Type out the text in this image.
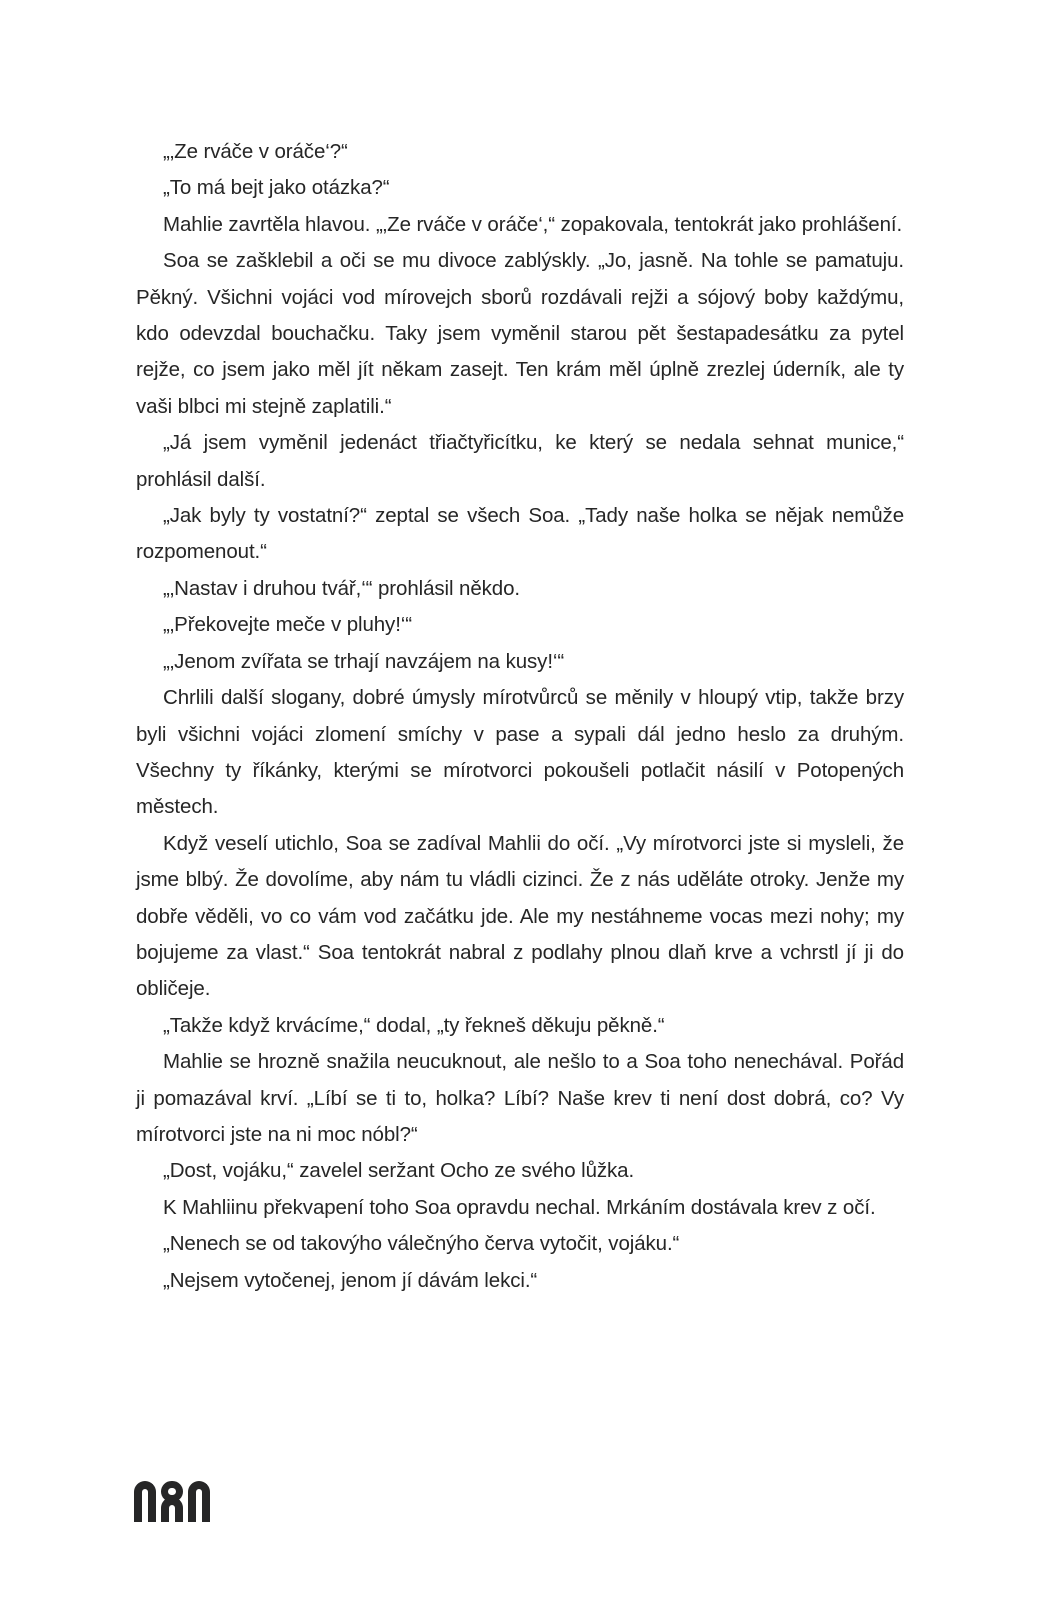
„‚Ze rváče v oráče‘?“

„To má bejt jako otázka?“

Mahlie zavrtěla hlavou. „‚Ze rváče v oráče‘,“ zopakovala, tentokrát jako prohlášení.

Soa se zašklebil a oči se mu divoce zablýskly. „Jo, jasně. Na tohle se pamatuju. Pěkný. Všichni vojáci vod mírovejch sborů rozdávali rejži a sójový boby každýmu, kdo odevzdal bouchačku. Taky jsem vyměnil starou pět šestapadesátku za pytel rejže, co jsem jako měl jít někam zasejt. Ten krám měl úplně zrezlej úderník, ale ty vaši blbci mi stejně zaplatili.“

„Já jsem vyměnil jedenáct třiačtyřicítku, ke který se nedala sehnat munice,“ prohlásil další.

„Jak byly ty vostatní?“ zeptal se všech Soa. „Tady naše holka se nějak nemůže rozpomenout.“

„‚Nastav i druhou tvář,‘“ prohlásil někdo.

„‚Překovejte meče v pluhy!‘“

„‚Jenom zvířata se trhají navzájem na kusy!‘“

Chrlili další slogany, dobré úmysly mírotvůrců se měnily v hloupý vtip, takže brzy byli všichni vojáci zlomení smíchy v pase a sypali dál jedno heslo za druhým. Všechny ty říkánky, kterými se mírotvorci pokoušeli potlačit násilí v Potopených městech.

Když veselí utichlo, Soa se zadíval Mahlii do očí. „Vy mírotvorci jste si mysleli, že jsme blbý. Že dovolíme, aby nám tu vládli cizinci. Že z nás uděláte otroky. Jenže my dobře věděli, vo co vám vod začátku jde. Ale my nestáhneme vocas mezi nohy; my bojujeme za vlast.“ Soa tentokrát nabral z podlahy plnou dlaň krve a vchrstl jí ji do obličeje.

„Takže když krvácíme,“ dodal, „ty řekneš děkuju pěkně.“

Mahlie se hrozně snažila neucuknout, ale nešlo to a Soa toho nenechával. Pořád ji pomazával krví. „Líbí se ti to, holka? Líbí? Naše krev ti není dost dobrá, co? Vy mírotvorci jste na ni moc nóbl?“

„Dost, vojáku,“ zavelel seržant Ocho ze svého lůžka.

K Mahliinu překvapení toho Soa opravdu nechal. Mrkáním dostávala krev z očí.

„Nenech se od takovýho válečnýho červa vytočit, vojáku.“

„Nejsem vytočenej, jenom jí dávám lekci.“
